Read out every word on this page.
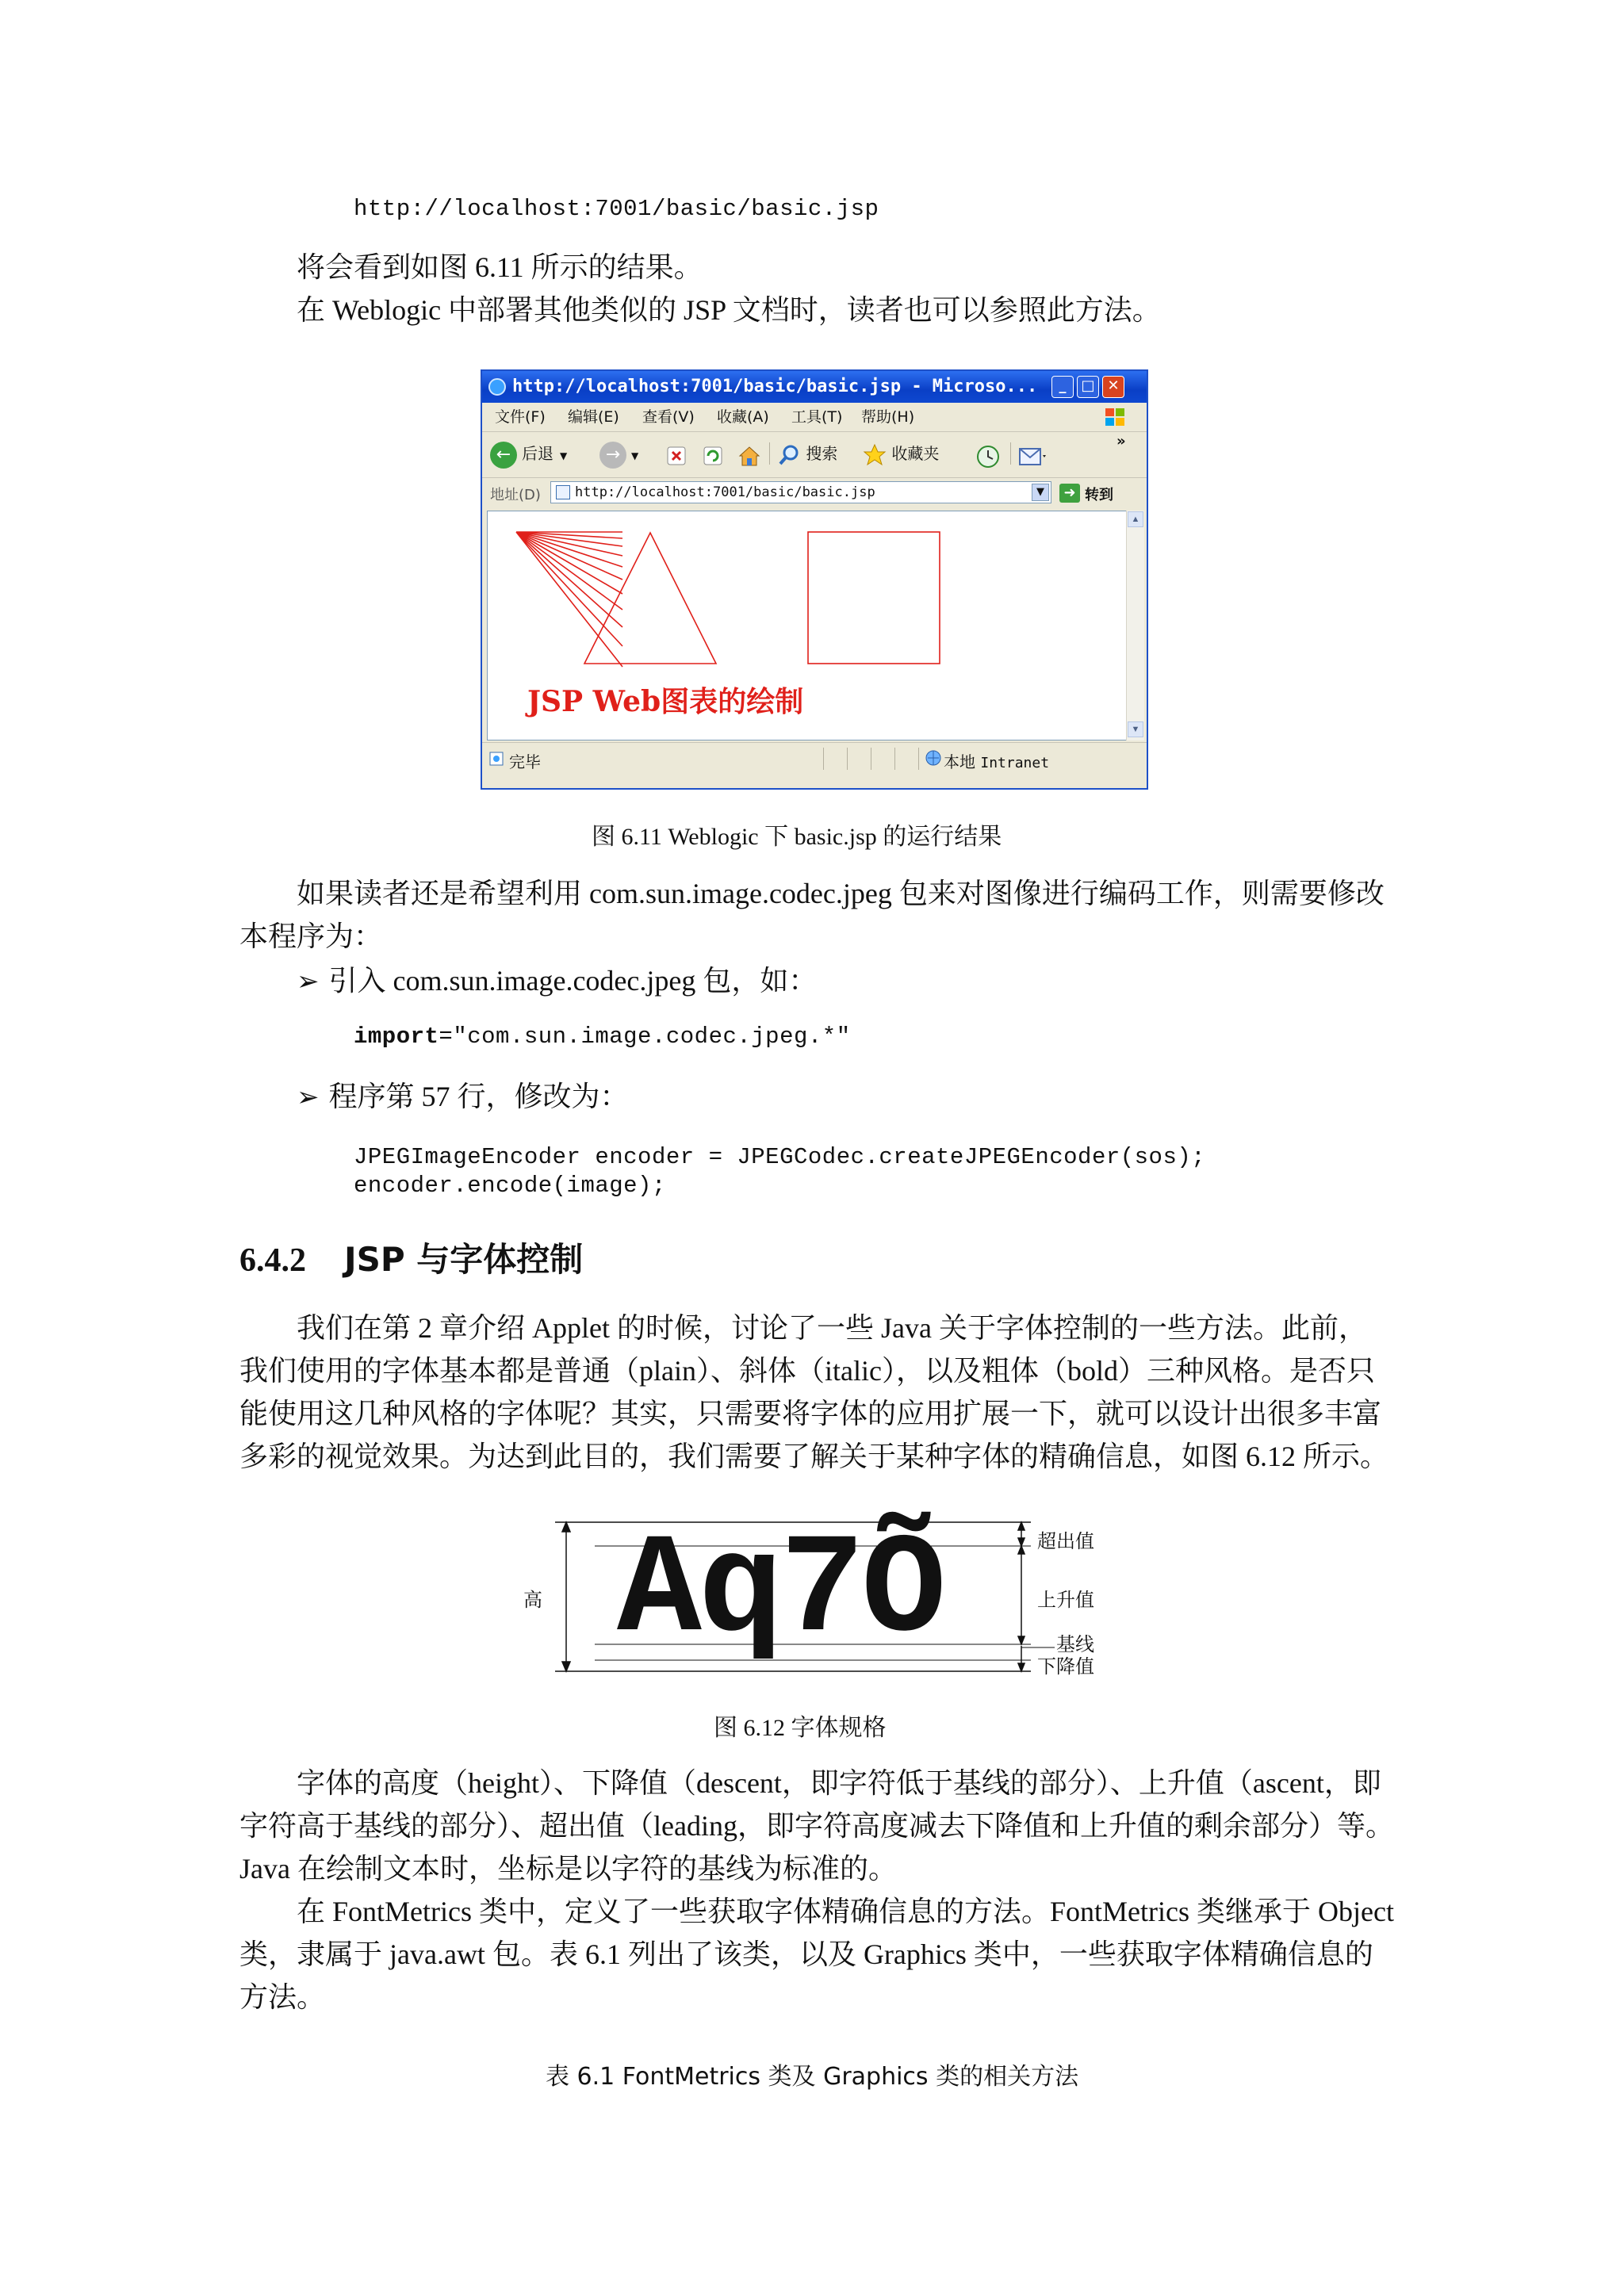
http://localhost:7001/basic/basic.jsp
将会看到如图 6.11 所示的结果。
在 Weblogic 中部署其他类似的 JSP 文档时，读者也可以参照此方法。
http://localhost:7001/basic/basic.jsp - Microso...	_	□ ✕
文件(F) 编辑(E) 查看(V) 收藏(A) 工具(T) 帮助(H)
← 后退 ▼	→ ▼	搜索	收藏夹
»
地址(D)	http://localhost:7001/basic/basic.jsp	▼	➜ 转到
JSP Web图表的绘制
▲
▼
完毕	本地 Intranet
图 6.11 Weblogic 下 basic.jsp 的运行结果
如果读者还是希望利用 com.sun.image.codec.jpeg 包来对图像进行编码工作，则需要修改
本程序为：
➢ 引入 com.sun.image.codec.jpeg 包，如：
import="com.sun.image.codec.jpeg.*"
➢ 程序第 57 行，修改为：
JPEGImageEncoder encoder = JPEGCodec.createJPEGEncoder(sos);
encoder.encode(image);
6.4.2 JSP 与字体控制
我们在第 2 章介绍 Applet 的时候，讨论了一些 Java 关于字体控制的一些方法。此前，
我们使用的字体基本都是普通（plain）、斜体（italic），以及粗体（bold）三种风格。是否只
能使用这几种风格的字体呢？其实，只需要将字体的应用扩展一下，就可以设计出很多丰富
多彩的视觉效果。为达到此目的，我们需要了解关于某种字体的精确信息，如图 6.12 所示。
Aq7Õ
高
超出值
上升值
基线
下降值
图 6.12 字体规格
字体的高度（height）、下降值（descent，即字符低于基线的部分）、上升值（ascent，即
字符高于基线的部分）、超出值（leading，即字符高度减去下降值和上升值的剩余部分）等。
Java 在绘制文本时，坐标是以字符的基线为标准的。
在 FontMetrics 类中，定义了一些获取字体精确信息的方法。FontMetrics 类继承于 Object
类，隶属于 java.awt 包。表 6.1 列出了该类，以及 Graphics 类中，一些获取字体精确信息的
方法。
表 6.1 FontMetrics 类及 Graphics 类的相关方法
